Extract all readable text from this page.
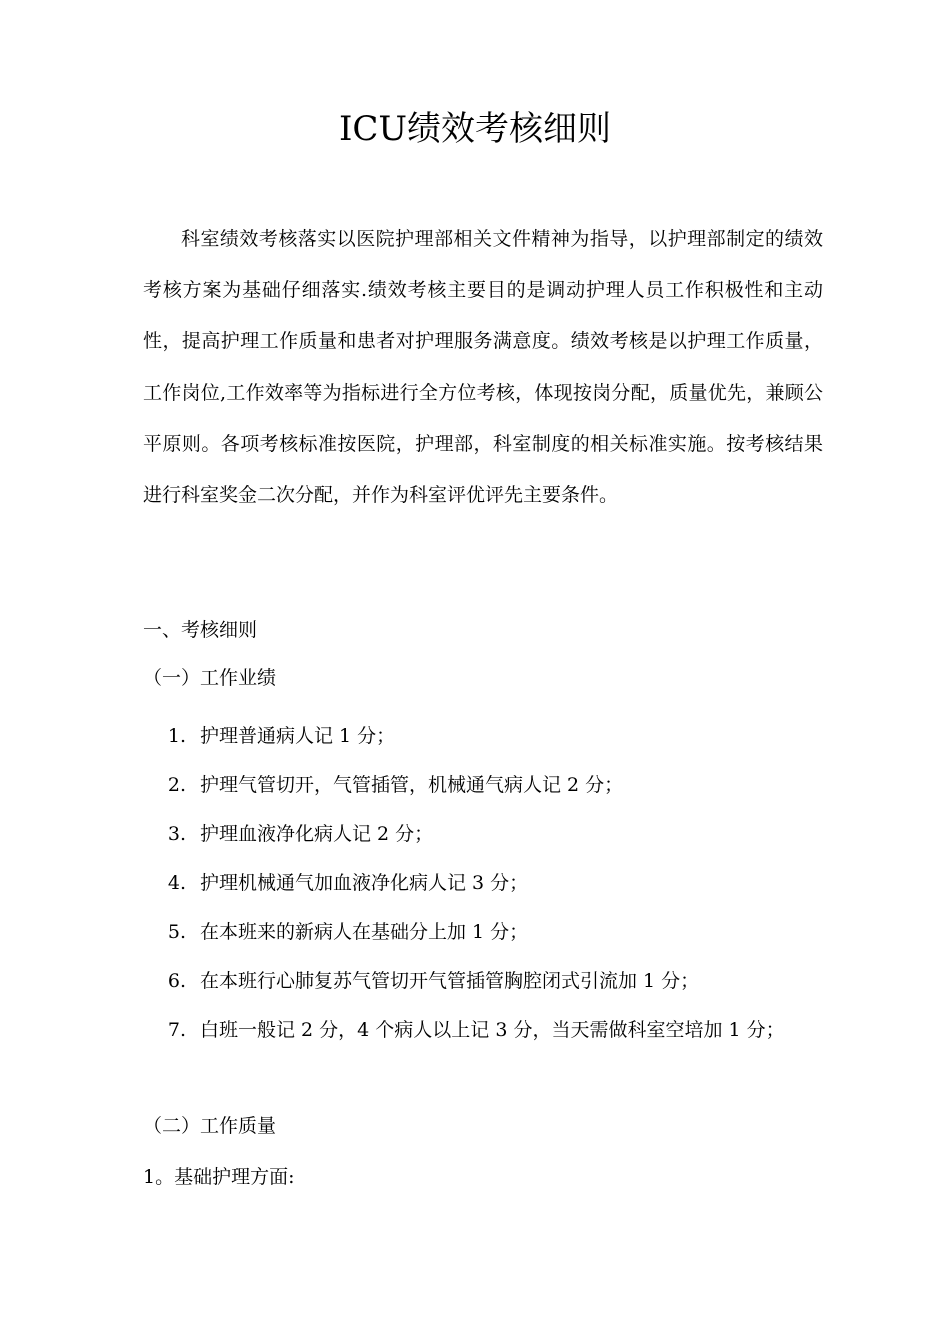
ICU绩效考核细则

科室绩效考核落实以医院护理部相关文件精神为指导，以护理部制定的绩效考核方案为基础仔细落实.绩效考核主要目的是调动护理人员工作积极性和主动性，提高护理工作质量和患者对护理服务满意度。绩效考核是以护理工作质量，工作岗位,工作效率等为指标进行全方位考核，体现按岗分配，质量优先，兼顾公平原则。各项考核标准按医院，护理部，科室制度的相关标准实施。按考核结果进行科室奖金二次分配，并作为科室评优评先主要条件。

一、考核细则

（一）工作业绩

1. 护理普通病人记 1 分；
2. 护理气管切开，气管插管，机械通气病人记 2 分；
3. 护理血液净化病人记 2 分；
4. 护理机械通气加血液净化病人记 3 分；
5. 在本班来的新病人在基础分上加 1 分；
6. 在本班行心肺复苏气管切开气管插管胸腔闭式引流加 1 分；
7. 白班一般记 2 分，4 个病人以上记 3 分，当天需做科室空培加 1 分；

（二）工作质量

1。基础护理方面:
